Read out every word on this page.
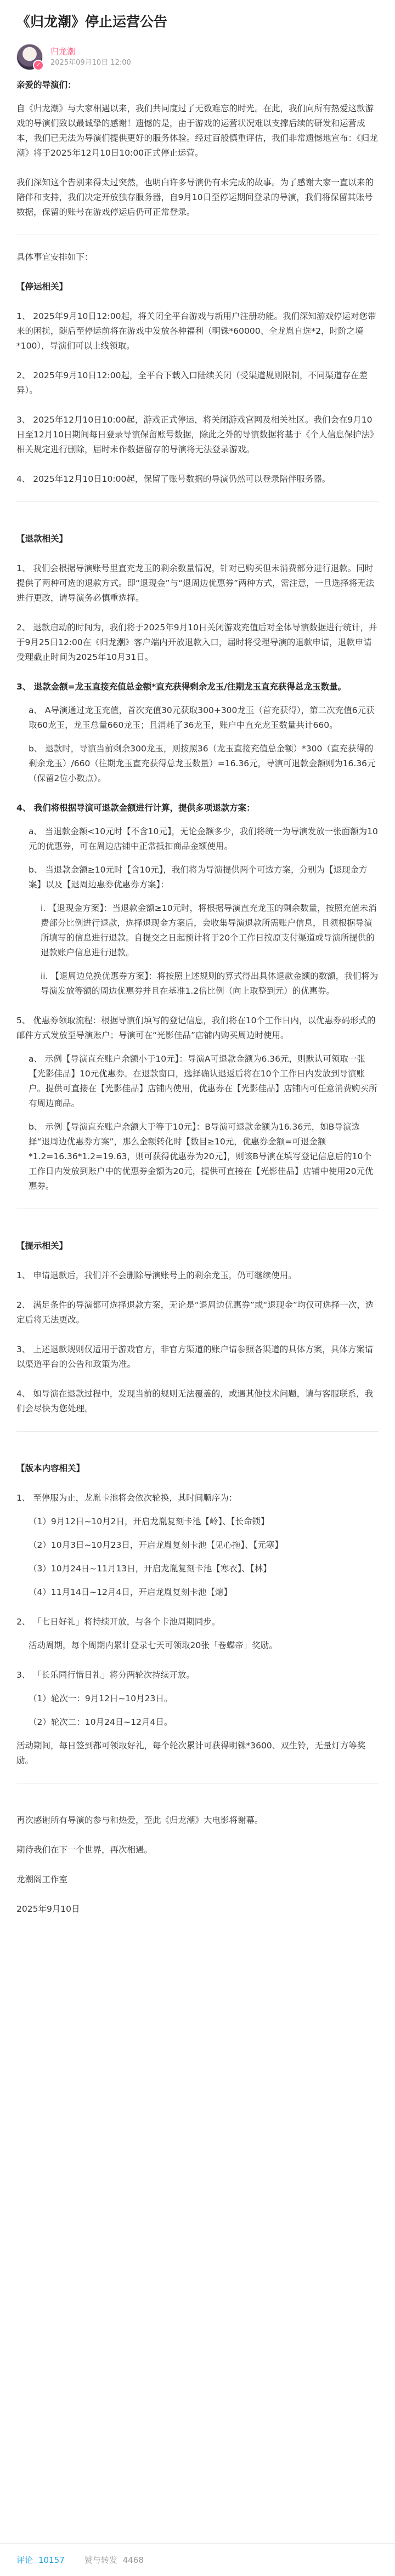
《归龙潮》停止运营公告
✓
归龙潮
2025年09月10日 12:00

亲爱的导演们：

自《归龙潮》与大家相遇以来，我们共同度过了无数难忘的时光。在此，我们向所有热爱这款游戏的导演们致以最诚挚的感谢！遗憾的是，由于游戏的运营状况难以支撑后续的研发和运营成本，我们已无法为导演们提供更好的服务体验。经过百般慎重评估，我们非常遗憾地宣布：《归龙潮》将于2025年12月10日10:00正式停止运营。

我们深知这个告别来得太过突然，也明白许多导演仍有未完成的故事。为了感谢大家一直以来的陪伴和支持，我们决定开放独存服务器，自9月10日至停运期间登录的导演，我们将保留其账号数据，保留的账号在游戏停运后仍可正常登录。

具体事宜安排如下：

【停运相关】

1、 2025年9月10日12:00起，将关闭全平台游戏与新用户注册功能。我们深知游戏停运对您带来的困扰，随后至停运前将在游戏中发放各种福利（明铢*60000、全龙胤自选*2，时阶之境*100），导演们可以上线领取。

2、 2025年9月10日12:00起，全平台下载入口陆续关闭（受渠道规则限制，不同渠道存在差异）。

3、 2025年12月10日10:00起，游戏正式停运，将关闭游戏官网及相关社区。我们会在9月10日至12月10日期间每日登录导演保留账号数据，除此之外的导演数据将基于《个人信息保护法》相关规定进行删除，届时未作数据留存的导演将无法登录游戏。

4、 2025年12月10日10:00起，保留了账号数据的导演仍然可以登录陪伴服务器。

【退款相关】

1、 我们会根据导演账号里直充龙玉的剩余数量情况，针对已购买但未消费部分进行退款。同时提供了两种可选的退款方式。即“退现金”与“退周边优惠券”两种方式，需注意，一旦选择将无法进行更改，请导演务必慎重选择。

2、 退款启动的时间为，我们将于2025年9月10日关闭游戏充值后对全体导演数据进行统计，并于9月25日12:00在《归龙潮》客户端内开放退款入口，届时将受理导演的退款申请，退款申请受理截止时间为2025年10月31日。

3、 退款金额=龙玉直接充值总金额*直充获得剩余龙玉/往期龙玉直充获得总龙玉数量。

a、 A导演通过龙玉充值，首次充值30元获取300+300龙玉（首充获得），第二次充值6元获取60龙玉，龙玉总量660龙玉；且消耗了36龙玉，账户中直充龙玉数量共计660。

b、 退款时，导演当前剩余300龙玉，则按照36（龙玉直接充值总金额）*300（直充获得的剩余龙玉）/660（往期龙玉直充获得总龙玉数量）=16.36元，导演可退款金额则为16.36元（保留2位小数点）。

4、 我们将根据导演可退款金额进行计算，提供多项退款方案：

a、 当退款金额<10元时【不含10元】，无论金额多少，我们将统一为导演发放一张面额为10元的优惠券，可在周边店铺中正常抵扣商品金额使用。

b、 当退款金额≥10元时【含10元】，我们将为导演提供两个可选方案，分别为【退现金方案】以及【退周边惠券优惠券方案】：

i. 【退现金方案】：当退款金额≥10元时，将根据导演直充龙玉的剩余数量，按照充值未消费部分比例进行退款，选择退现金方案后，会收集导演退款所需账户信息，且须根据导演所填写的信息进行退款。自提交之日起预计将于20个工作日按原支付渠道或导演所提供的退款账户信息进行退款。

ii. 【退周边兑换优惠券方案】：将按照上述规则的算式得出具体退款金额的数额，我们将为导演发放等额的周边优惠券并且在基准1.2倍比例（向上取整到元）的优惠券。

5、 优惠券领取流程：根据导演们填写的登记信息，我们将在10个工作日内，以优惠券码形式的邮件方式发放至导演账户；导演可在“光影佳品”店铺内购买周边时使用。

a、 示例【导演直充账户余额小于10元】：导演A可退款金额为6.36元，则默认可领取一张【光影佳品】10元优惠券。在退款窗口，选择确认退返后将在10个工作日内发放到导演账户。提供可直接在【光影佳品】店铺内使用，优惠券在【光影佳品】店铺内可任意消费购买所有周边商品。

b、 示例【导演直充账户余额大于等于10元】：B导演可退款金额为16.36元，如B导演选择“退周边优惠券方案”，那么金额转化时【数目≥10元，优惠券金额=可退金额*1.2=16.36*1.2=19.63，则可获得优惠券为20元】，则该B导演在填写登记信息后的10个工作日内发放到账户中的优惠券金额为20元，提供可直接在【光影佳品】店铺中使用20元优惠券。

【提示相关】

1、 申请退款后，我们并不会删除导演账号上的剩余龙玉，仍可继续使用。

2、 满足条件的导演都可选择退款方案，无论是“退周边优惠券”或“退现金”均仅可选择一次，选定后将无法更改。

3、 上述退款规则仅适用于游戏官方，非官方渠道的账户请参照各渠道的具体方案，具体方案请以渠道平台的公告和政策为准。

4、 如导演在退款过程中，发现当前的规则无法覆盖的，或遇其他技术问题，请与客服联系，我们会尽快为您处理。

【版本内容相关】

1、 至停服为止，龙胤卡池将会依次轮换，其时间顺序为：

（1）9月12日~10月2日，开启龙胤复刻卡池【岭】、【长命锁】

（2）10月3日~10月23日，开启龙胤复刻卡池【见心拖】、【元寒】

（3）10月24日~11月13日，开启龙胤复刻卡池【寒衣】、【林】

（4）11月14日~12月4日，开启龙胤复刻卡池【熄】

2、 「七日好礼」将持续开放，与各个卡池周期同步。

活动周期，每个周期内累计登录七天可领取20张「卷蝶帝」奖励。

3、 「长乐同行惜日礼」将分两轮次持续开放。

（1）轮次一：9月12日~10月23日。

（2）轮次二：10月24日~12月4日。

活动期间，每日签到都可领取好礼，每个轮次累计可获得明铢*3600、双生铃，无量灯方等奖励。

再次感谢所有导演的参与和热爱，至此《归龙潮》大电影将谢幕。

期待我们在下一个世界，再次相遇。

龙潮阁工作室

2025年9月10日

评论 10157 赞与转发 4468
